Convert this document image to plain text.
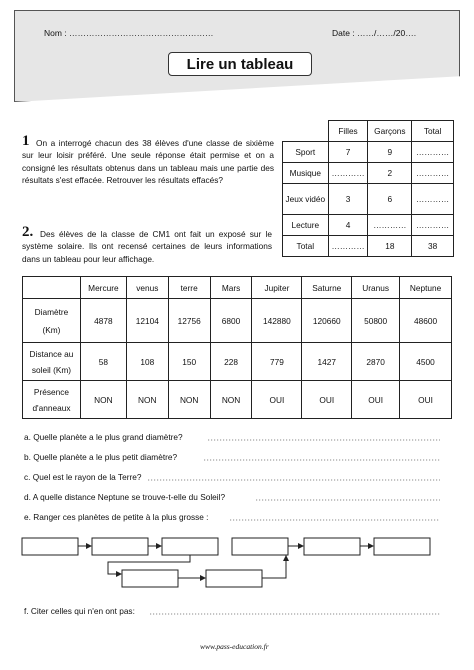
Nom : ……………………………………………	Date : ……/……/20….
Lire un tableau
1 On a interrogé chacun des 38 élèves d'une classe de sixième sur leur loisir préféré. Une seule réponse était permise et on a consigné les résultats obtenus dans un tableau mais une partie des résultats s'est effacée. Retrouver les résultats effacés?
	Filles	Garçons	Total
Sport	7	9	…………
Musique	…………	2	…………
Jeux vidéo	3	6	…………
Lecture	4	…………	…………
Total	…………	18	38
2. Des élèves de la classe de CM1 ont fait un exposé sur le système solaire. Ils ont recensé certaines de leurs informations dans un tableau pour leur affichage.
	Mercure	venus	terre	Mars	Jupiter	Saturne	Uranus	Neptune
Diamètre (Km)	4878	12104	12756	6800	142880	120660	50800	48600
Distance au soleil (Km)	58	108	150	228	779	1427	2870	4500
Présence d'anneaux	NON	NON	NON	NON	OUI	OUI	OUI	OUI
a. Quelle planète a le plus grand diamètre?
b. Quelle planète a le plus petit diamètre?
c. Quel est le rayon de la Terre?
d. A quelle distance Neptune se trouve-t-elle du Soleil?
e. Ranger ces planètes de petite à la plus grosse :
f. Citer celles qui n'en ont pas:
www.pass-education.fr
